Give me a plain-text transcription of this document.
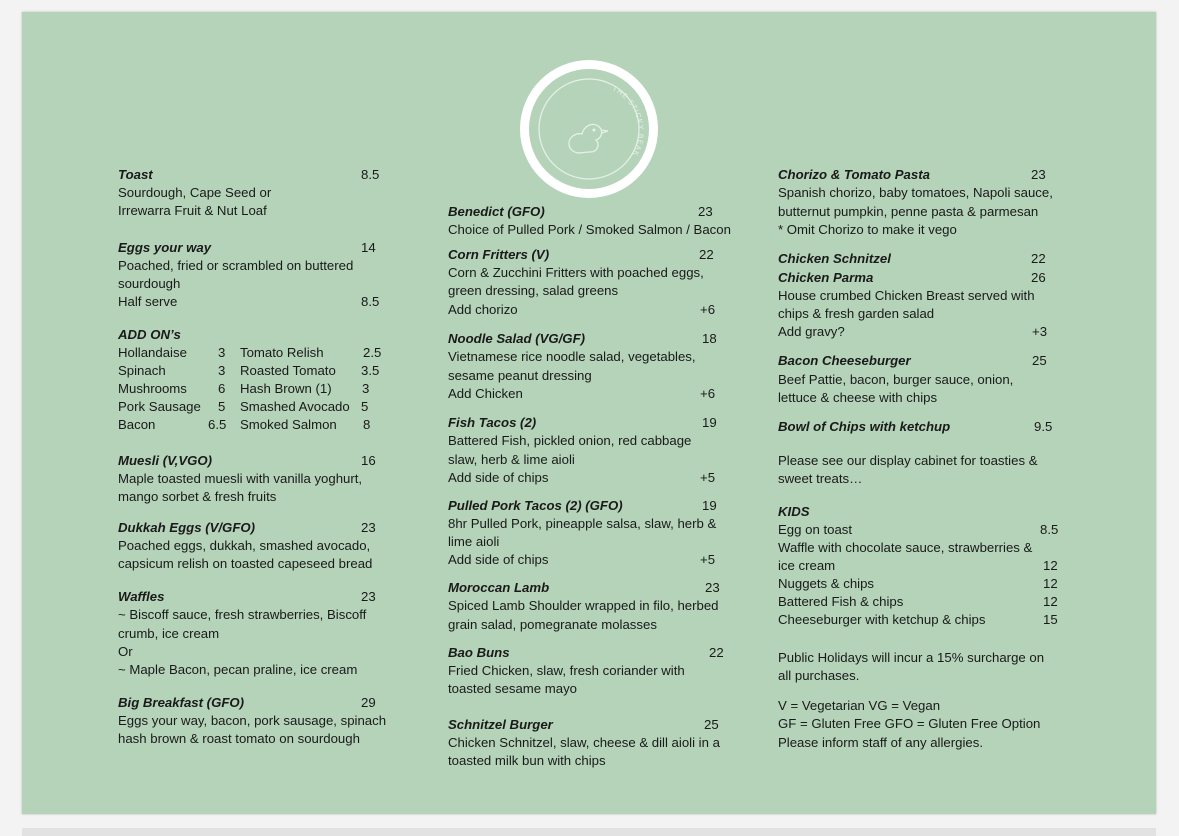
THE STICKY BEAK
Toast	8.5
Sourdough, Cape Seed or
Irrewarra Fruit & Nut Loaf
Eggs your way	14
Poached, fried or scrambled on buttered
sourdough
Half serve	8.5
ADD ON’s
Hollandaise 3 Tomato Relish	2.5
Spinach	3 Roasted Tomato 3.5
Mushrooms 6 Hash Brown (1) 3
Pork Sausage 5 Smashed Avocado 5
Bacon	6.5 Smoked Salmon 8
Muesli (V,VGO)	16
Maple toasted muesli with vanilla yoghurt,
mango sorbet & fresh fruits
Dukkah Eggs (V/GFO)	23
Poached eggs, dukkah, smashed avocado,
capsicum relish on toasted capeseed bread
Waffles	23
~ Biscoff sauce, fresh strawberries, Biscoff
crumb, ice cream
Or
~ Maple Bacon, pecan praline, ice cream
Big Breakfast (GFO)	29
Eggs your way, bacon, pork sausage, spinach
hash brown & roast tomato on sourdough
Benedict (GFO)	23
Choice of Pulled Pork / Smoked Salmon / Bacon
Corn Fritters (V)	22
Corn & Zucchini Fritters with poached eggs,
green dressing, salad greens
Add chorizo	+6
Noodle Salad (VG/GF)	18
Vietnamese rice noodle salad, vegetables,
sesame peanut dressing
Add Chicken	+6
Fish Tacos (2)	19
Battered Fish, pickled onion, red cabbage
slaw, herb & lime aioli
Add side of chips	+5
Pulled Pork Tacos (2) (GFO)	19
8hr Pulled Pork, pineapple salsa, slaw, herb &
lime aioli
Add side of chips	+5
Moroccan Lamb	23
Spiced Lamb Shoulder wrapped in filo, herbed
grain salad, pomegranate molasses
Bao Buns	22
Fried Chicken, slaw, fresh coriander with
toasted sesame mayo
Schnitzel Burger	25
Chicken Schnitzel, slaw, cheese & dill aioli in a
toasted milk bun with chips
Chorizo & Tomato Pasta	23
Spanish chorizo, baby tomatoes, Napoli sauce,
butternut pumpkin, penne pasta & parmesan
* Omit Chorizo to make it vego
Chicken Schnitzel	22
Chicken Parma	26
House crumbed Chicken Breast served with
chips & fresh garden salad
Add gravy?	+3
Bacon Cheeseburger	25
Beef Pattie, bacon, burger sauce, onion,
lettuce & cheese with chips
Bowl of Chips with ketchup	9.5
Please see our display cabinet for toasties &
sweet treats…
KIDS
Egg on toast	8.5
Waffle with chocolate sauce, strawberries &
ice cream	12
Nuggets & chips	12
Battered Fish & chips	12
Cheeseburger with ketchup & chips	15
Public Holidays will incur a 15% surcharge on
all purchases.
V = Vegetarian VG = Vegan
GF = Gluten Free GFO = Gluten Free Option
Please inform staff of any allergies.
